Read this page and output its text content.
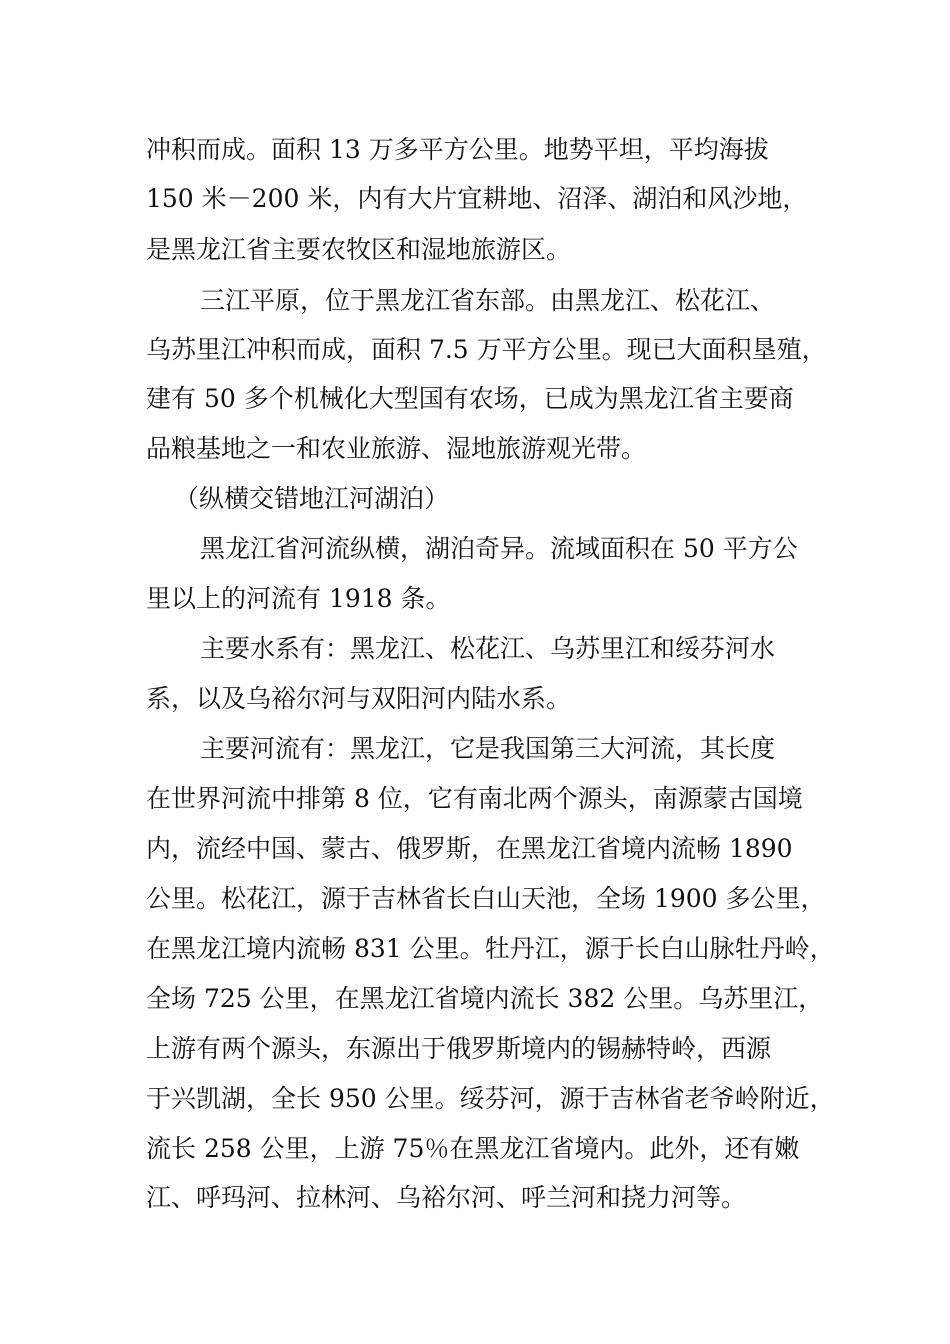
冲积而成。面积 13 万多平方公里。地势平坦，平均海拔
150 米－200 米，内有大片宜耕地、沼泽、湖泊和风沙地，
是黑龙江省主要农牧区和湿地旅游区。
三江平原，位于黑龙江省东部。由黑龙江、松花江、
乌苏里江冲积而成，面积 7.5 万平方公里。现已大面积垦殖，
建有 50 多个机械化大型国有农场，已成为黑龙江省主要商
品粮基地之一和农业旅游、湿地旅游观光带。
（纵横交错地江河湖泊）
黑龙江省河流纵横，湖泊奇异。流域面积在 50 平方公
里以上的河流有 1918 条。
主要水系有：黑龙江、松花江、乌苏里江和绥芬河水
系，以及乌裕尔河与双阳河内陆水系。
主要河流有：黑龙江，它是我国第三大河流，其长度
在世界河流中排第 8 位，它有南北两个源头，南源蒙古国境
内，流经中国、蒙古、俄罗斯，在黑龙江省境内流畅 1890
公里。松花江，源于吉林省长白山天池，全场 1900 多公里，
在黑龙江境内流畅 831 公里。牡丹江，源于长白山脉牡丹岭，
全场 725 公里，在黑龙江省境内流长 382 公里。乌苏里江，
上游有两个源头，东源出于俄罗斯境内的锡赫特岭，西源
于兴凯湖，全长 950 公里。绥芬河，源于吉林省老爷岭附近，
流长 258 公里，上游 75％在黑龙江省境内。此外，还有嫩
江、呼玛河、拉林河、乌裕尔河、呼兰河和挠力河等。
